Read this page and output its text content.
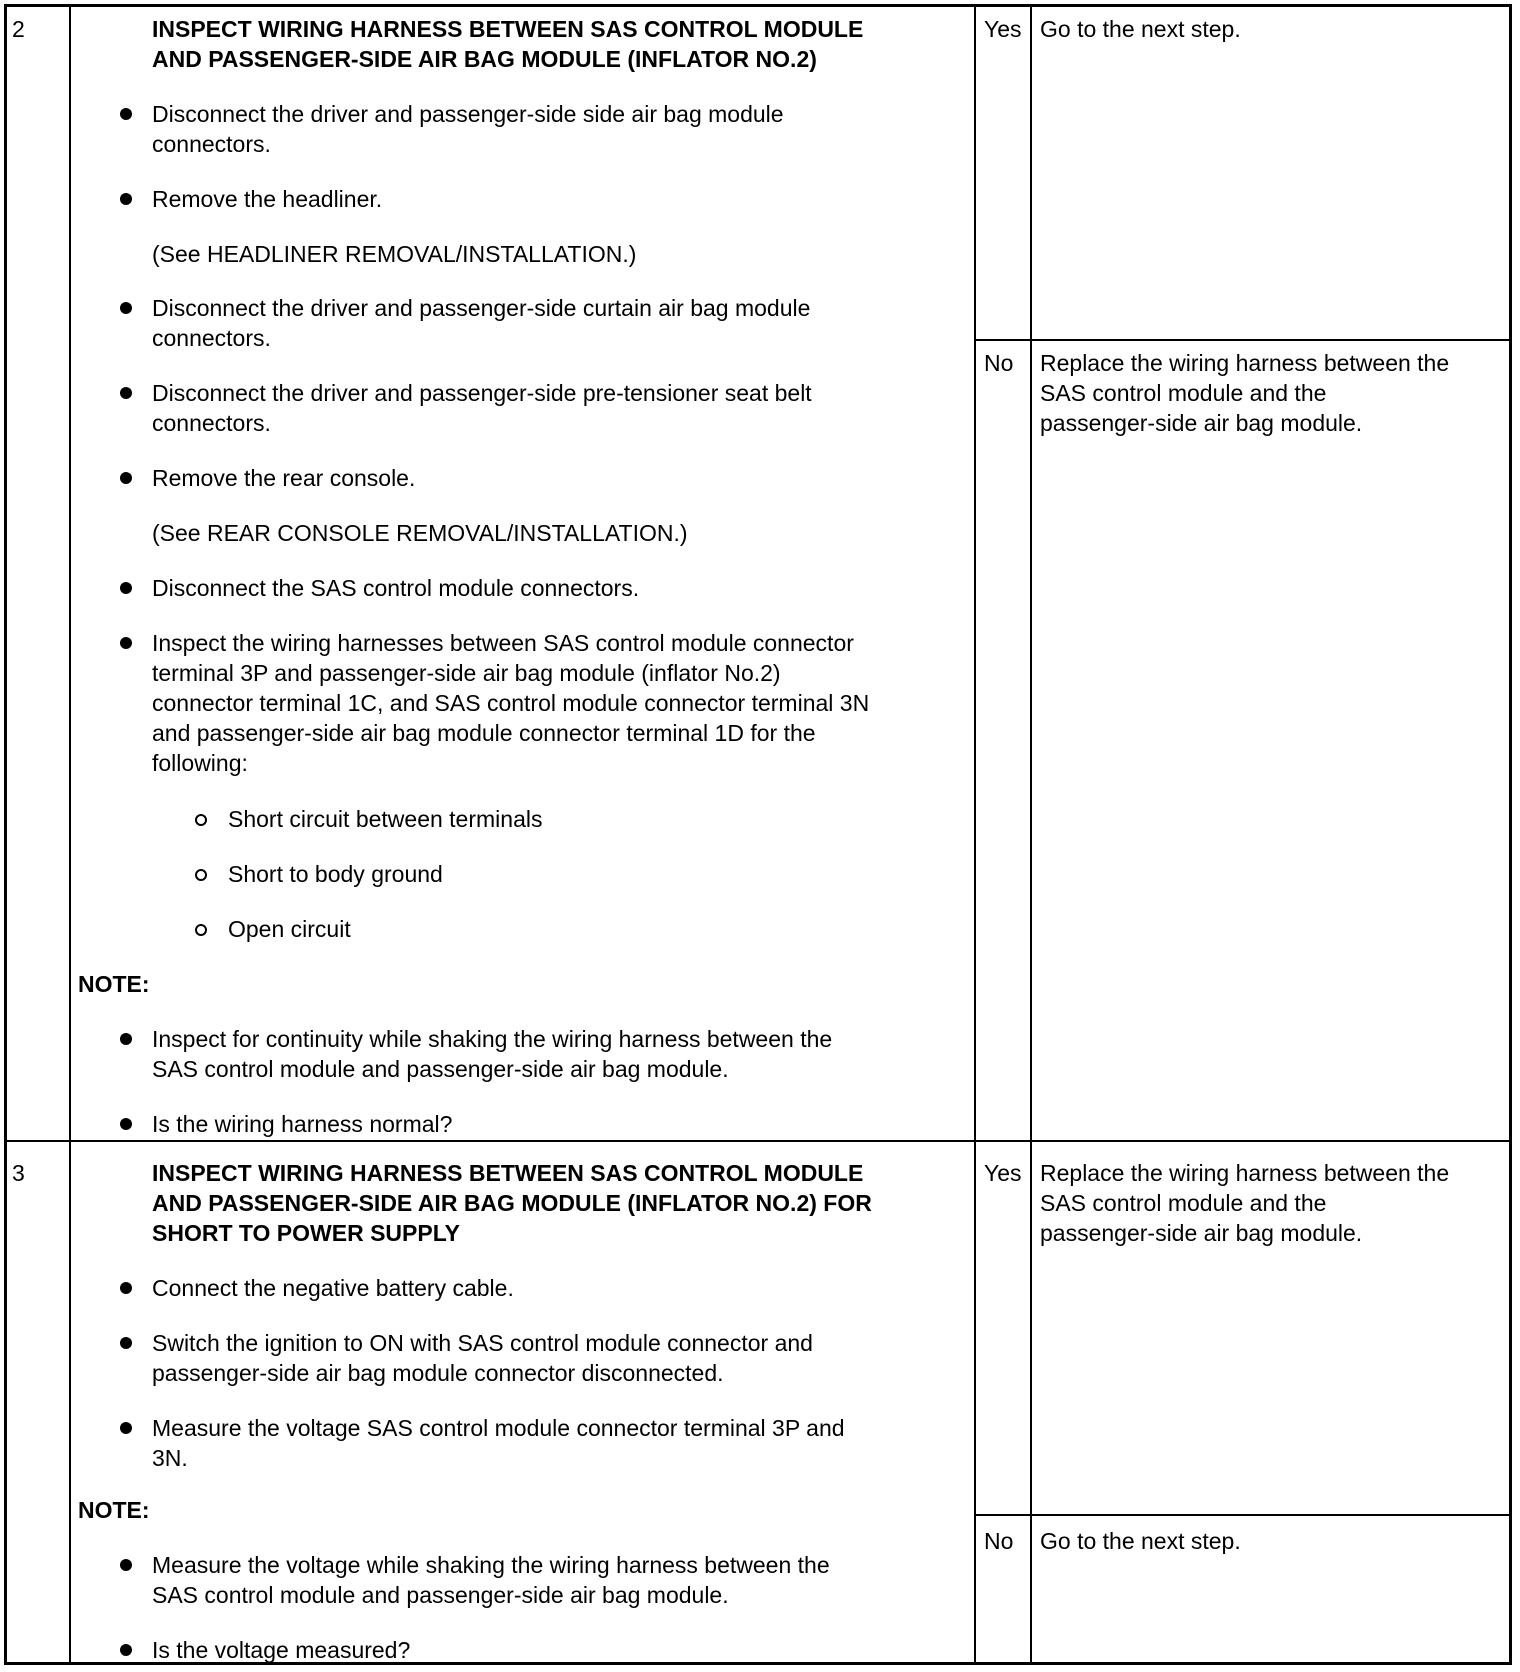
2	INSPECT WIRING HARNESS BETWEEN SAS CONTROL MODULE
AND PASSENGER-SIDE AIR BAG MODULE (INFLATOR NO.2)
Disconnect the driver and passenger-side side air bag module
connectors.
Remove the headliner.
(See HEADLINER REMOVAL/INSTALLATION.)
Disconnect the driver and passenger-side curtain air bag module
connectors.
Disconnect the driver and passenger-side pre-tensioner seat belt
connectors.
Remove the rear console.
(See REAR CONSOLE REMOVAL/INSTALLATION.)
Disconnect the SAS control module connectors.
Inspect the wiring harnesses between SAS control module connector
terminal 3P and passenger-side air bag module (inflator No.2)
connector terminal 1C, and SAS control module connector terminal 3N
and passenger-side air bag module connector terminal 1D for the
following:
Short circuit between terminals
Short to body ground
Open circuit
NOTE:
Inspect for continuity while shaking the wiring harness between the
SAS control module and passenger-side air bag module.
Is the wiring harness normal?
Yes Go to the next step.
No Replace the wiring harness between the
SAS control module and the
passenger-side air bag module.
3	INSPECT WIRING HARNESS BETWEEN SAS CONTROL MODULE
AND PASSENGER-SIDE AIR BAG MODULE (INFLATOR NO.2) FOR
SHORT TO POWER SUPPLY
Connect the negative battery cable.
Switch the ignition to ON with SAS control module connector and
passenger-side air bag module connector disconnected.
Measure the voltage SAS control module connector terminal 3P and
3N.
NOTE:
Measure the voltage while shaking the wiring harness between the
SAS control module and passenger-side air bag module.
Is the voltage measured?
Yes Replace the wiring harness between the
SAS control module and the
passenger-side air bag module.
No Go to the next step.
